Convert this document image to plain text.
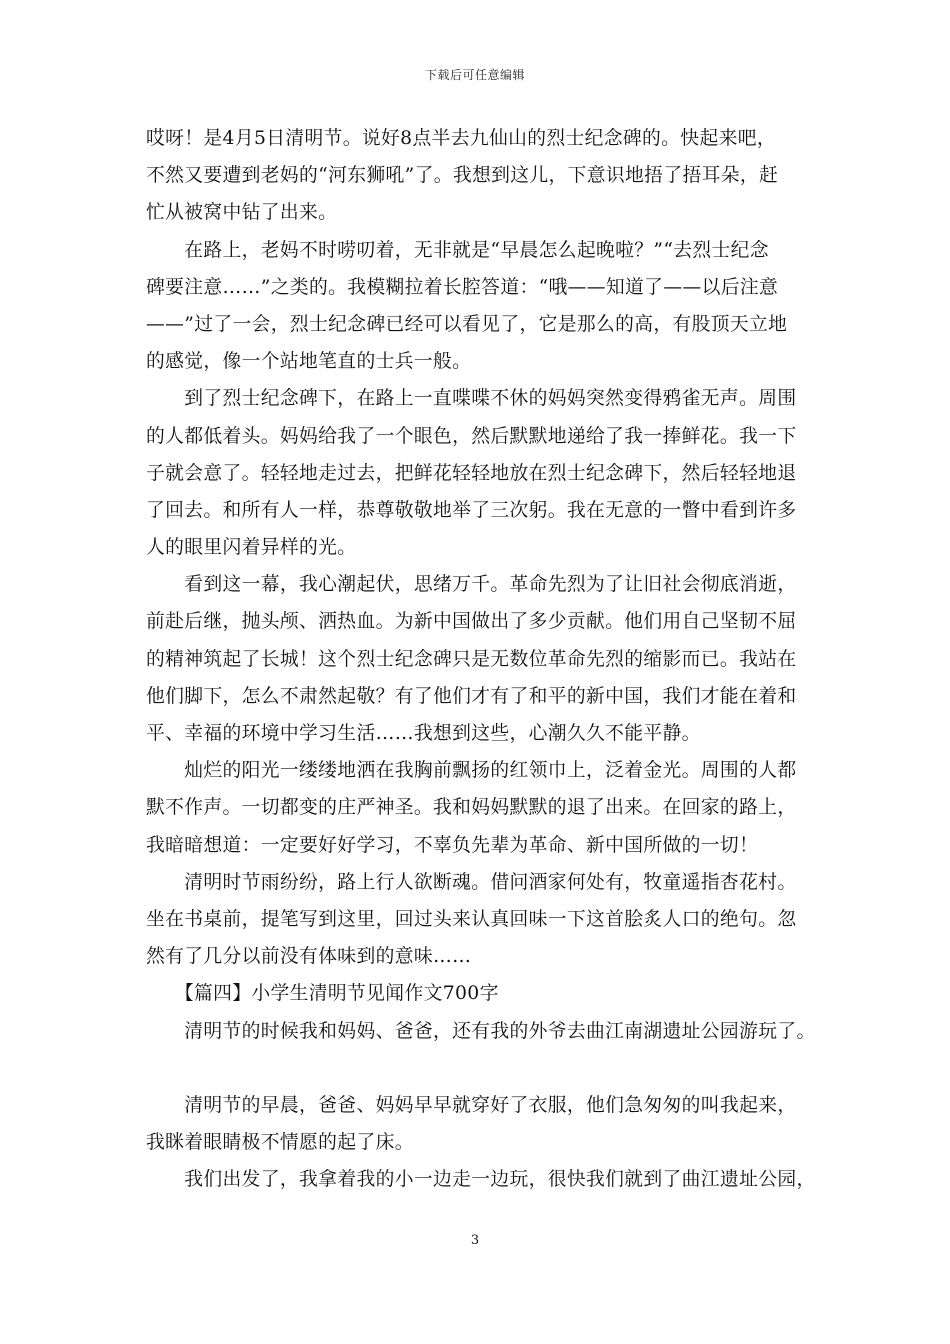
下载后可任意编辑
哎呀！是4月5日清明节。说好8点半去九仙山的烈士纪念碑的。快起来吧，
不然又要遭到老妈的“河东狮吼”了。我想到这儿，下意识地捂了捂耳朵，赶
忙从被窝中钻了出来。
　　在路上，老妈不时唠叨着，无非就是“早晨怎么起晚啦？”“去烈士纪念
碑要注意……”之类的。我模糊拉着长腔答道：“哦——知道了——以后注意
——”过了一会，烈士纪念碑已经可以看见了，它是那么的高，有股顶天立地
的感觉，像一个站地笔直的士兵一般。
　　到了烈士纪念碑下，在路上一直喋喋不休的妈妈突然变得鸦雀无声。周围
的人都低着头。妈妈给我了一个眼色，然后默默地递给了我一捧鲜花。我一下
子就会意了。轻轻地走过去，把鲜花轻轻地放在烈士纪念碑下，然后轻轻地退
了回去。和所有人一样，恭尊敬敬地举了三次躬。我在无意的一瞥中看到许多
人的眼里闪着异样的光。
　　看到这一幕，我心潮起伏，思绪万千。革命先烈为了让旧社会彻底消逝，
前赴后继，抛头颅、洒热血。为新中国做出了多少贡献。他们用自己坚韧不屈
的精神筑起了长城！这个烈士纪念碑只是无数位革命先烈的缩影而已。我站在
他们脚下，怎么不肃然起敬？有了他们才有了和平的新中国，我们才能在着和
平、幸福的环境中学习生活……我想到这些，心潮久久不能平静。
　　灿烂的阳光一缕缕地洒在我胸前飘扬的红领巾上，泛着金光。周围的人都
默不作声。一切都变的庄严神圣。我和妈妈默默的退了出来。在回家的路上，
我暗暗想道：一定要好好学习，不辜负先辈为革命、新中国所做的一切！
　　清明时节雨纷纷，路上行人欲断魂。借问酒家何处有，牧童遥指杏花村。
坐在书桌前，提笔写到这里，回过头来认真回味一下这首脍炙人口的绝句。忽
然有了几分以前没有体味到的意味……
　　【篇四】小学生清明节见闻作文700字
　　清明节的时候我和妈妈、爸爸，还有我的外爷去曲江南湖遗址公园游玩了。
　　清明节的早晨，爸爸、妈妈早早就穿好了衣服，他们急匆匆的叫我起来，
我眯着眼睛极不情愿的起了床。
　　我们出发了，我拿着我的小一边走一边玩，很快我们就到了曲江遗址公园，
3
